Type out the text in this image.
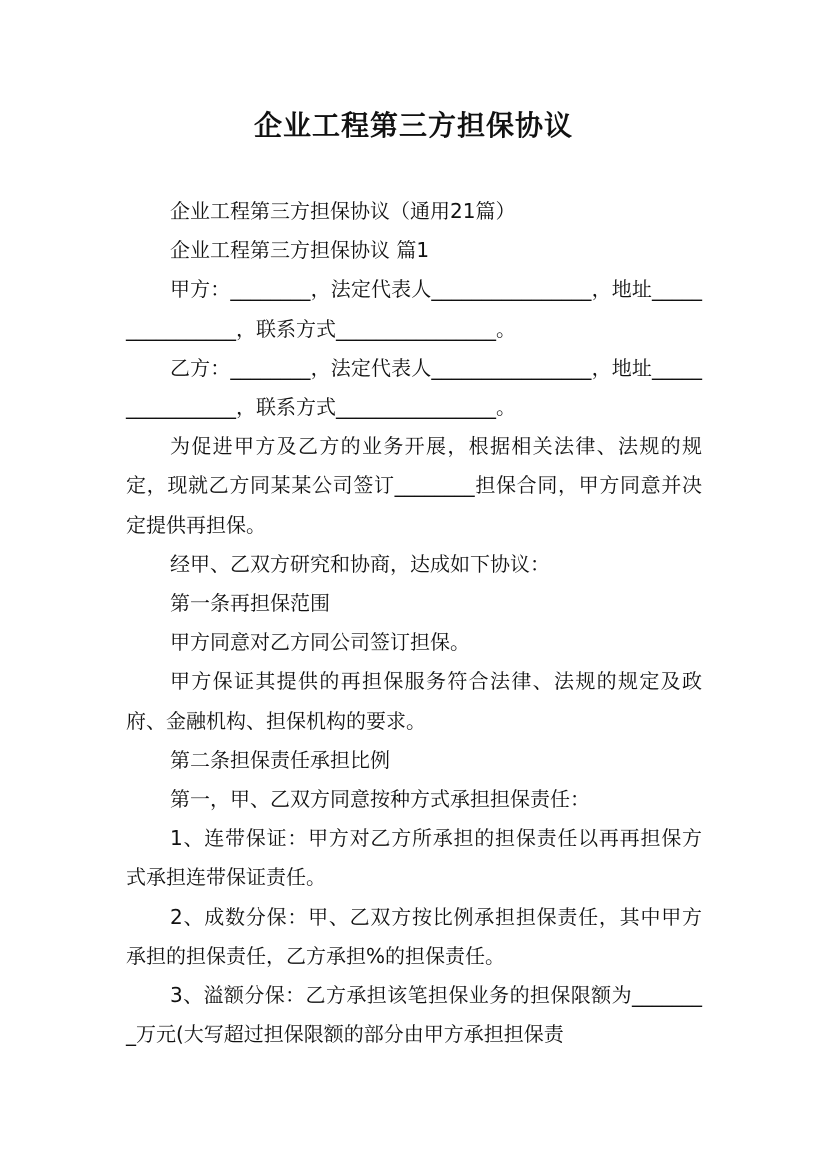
企业工程第三方担保协议

企业工程第三方担保协议（通用21篇）

企业工程第三方担保协议 篇1

甲方：________，法定代表人________________，地址________________，联系方式________________。

乙方：________，法定代表人________________，地址________________，联系方式________________。

为促进甲方及乙方的业务开展，根据相关法律、法规的规定，现就乙方同某某公司签订________担保合同，甲方同意并决定提供再担保。

经甲、乙双方研究和协商，达成如下协议：

第一条再担保范围

甲方同意对乙方同公司签订担保。

甲方保证其提供的再担保服务符合法律、法规的规定及政府、金融机构、担保机构的要求。

第二条担保责任承担比例

第一，甲、乙双方同意按种方式承担担保责任：

1、连带保证：甲方对乙方所承担的担保责任以再再担保方式承担连带保证责任。

2、成数分保：甲、乙双方按比例承担担保责任，其中甲方承担的担保责任，乙方承担%的担保责任。

3、溢额分保：乙方承担该笔担保业务的担保限额为________万元(大写超过担保限额的部分由甲方承担担保责
